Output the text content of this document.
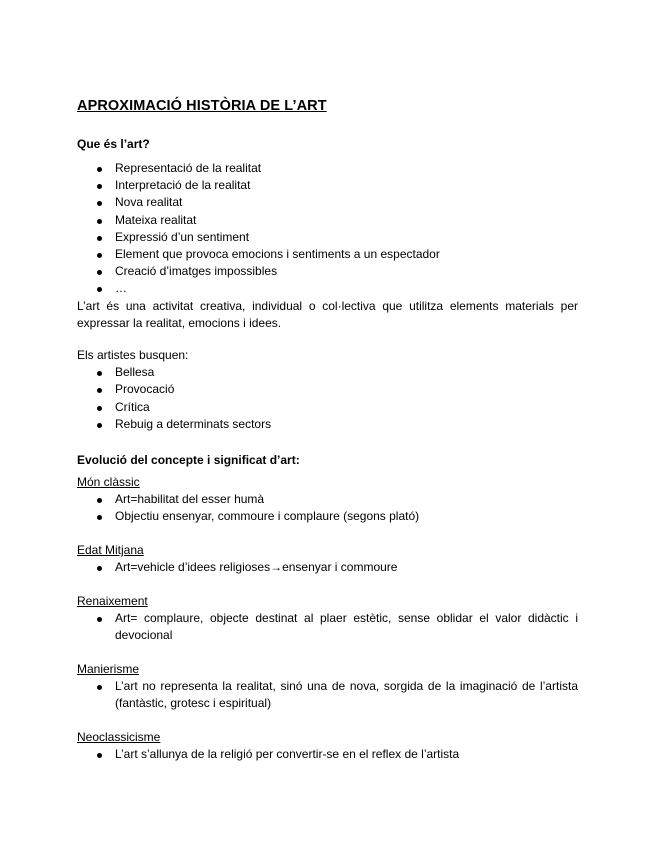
APROXIMACIÓ HISTÒRIA DE L’ART

Que és l’art?

Representació de la realitat
Interpretació de la realitat
Nova realitat
Mateixa realitat
Expressió d’un sentiment
Element que provoca emocions i sentiments a un espectador
Creació d’imatges impossibles
…

L’art és una activitat creativa, individual o col·lectiva que utilitza elements materials per expressar la realitat, emocions i idees.

Els artistes busquen:

Bellesa
Provocació
Crítica
Rebuig a determinats sectors

Evolució del concepte i significat d’art:

Món clàssic

Art=habilitat del esser humà
Objectiu ensenyar, commoure i complaure (segons plató)

Edat Mitjana

Art=vehicle d’idees religioses→ensenyar i commoure

Renaixement

Art= complaure, objecte destinat al plaer estètic, sense oblidar el valor didàctic i devocional

Manierisme

L’art no representa la realitat, sinó una de nova, sorgida de la imaginació de l’artista (fantàstic, grotesc i espiritual)

Neoclassicisme

L’art s’allunya de la religió per convertir-se en el reflex de l’artista
